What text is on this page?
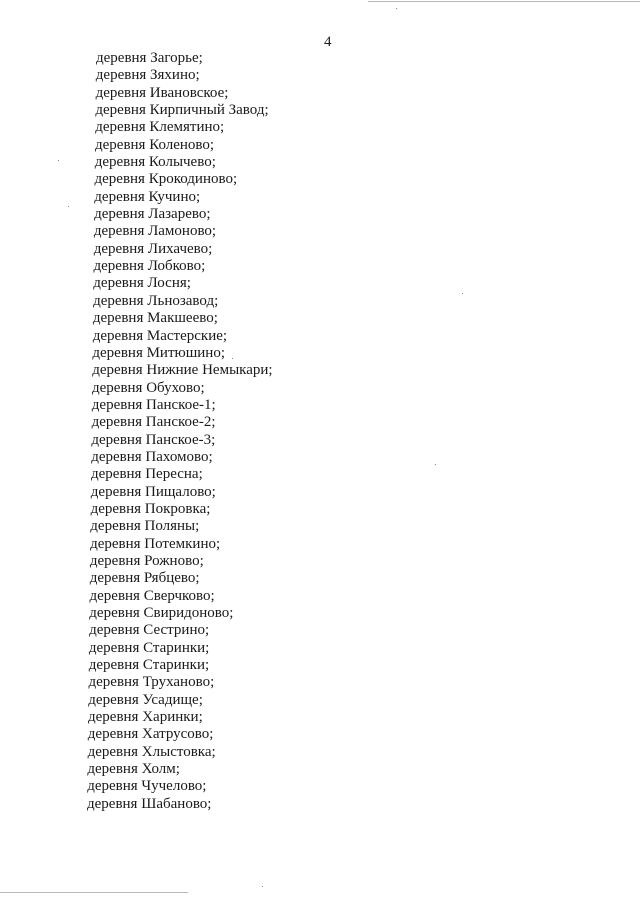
4

деревня Загорье;
деревня Зяхино;
деревня Ивановское;
деревня Кирпичный Завод;
деревня Клемятино;
деревня Коленово;
деревня Колычево;
деревня Крокодиново;
деревня Кучино;
деревня Лазарево;
деревня Ламоново;
деревня Лихачево;
деревня Лобково;
деревня Лосня;
деревня Льнозавод;
деревня Макшеево;
деревня Мастерские;
деревня Митюшино;
деревня Нижние Немыкари;
деревня Обухово;
деревня Панское-1;
деревня Панское-2;
деревня Панское-3;
деревня Пахомово;
деревня Пересна;
деревня Пищалово;
деревня Покровка;
деревня Поляны;
деревня Потемкино;
деревня Рожново;
деревня Рябцево;
деревня Сверчково;
деревня Свиридоново;
деревня Сестрино;
деревня Старинки;
деревня Старинки;
деревня Труханово;
деревня Усадище;
деревня Харинки;
деревня Хатрусово;
деревня Хлыстовка;
деревня Холм;
деревня Чучелово;
деревня Шабаново;
